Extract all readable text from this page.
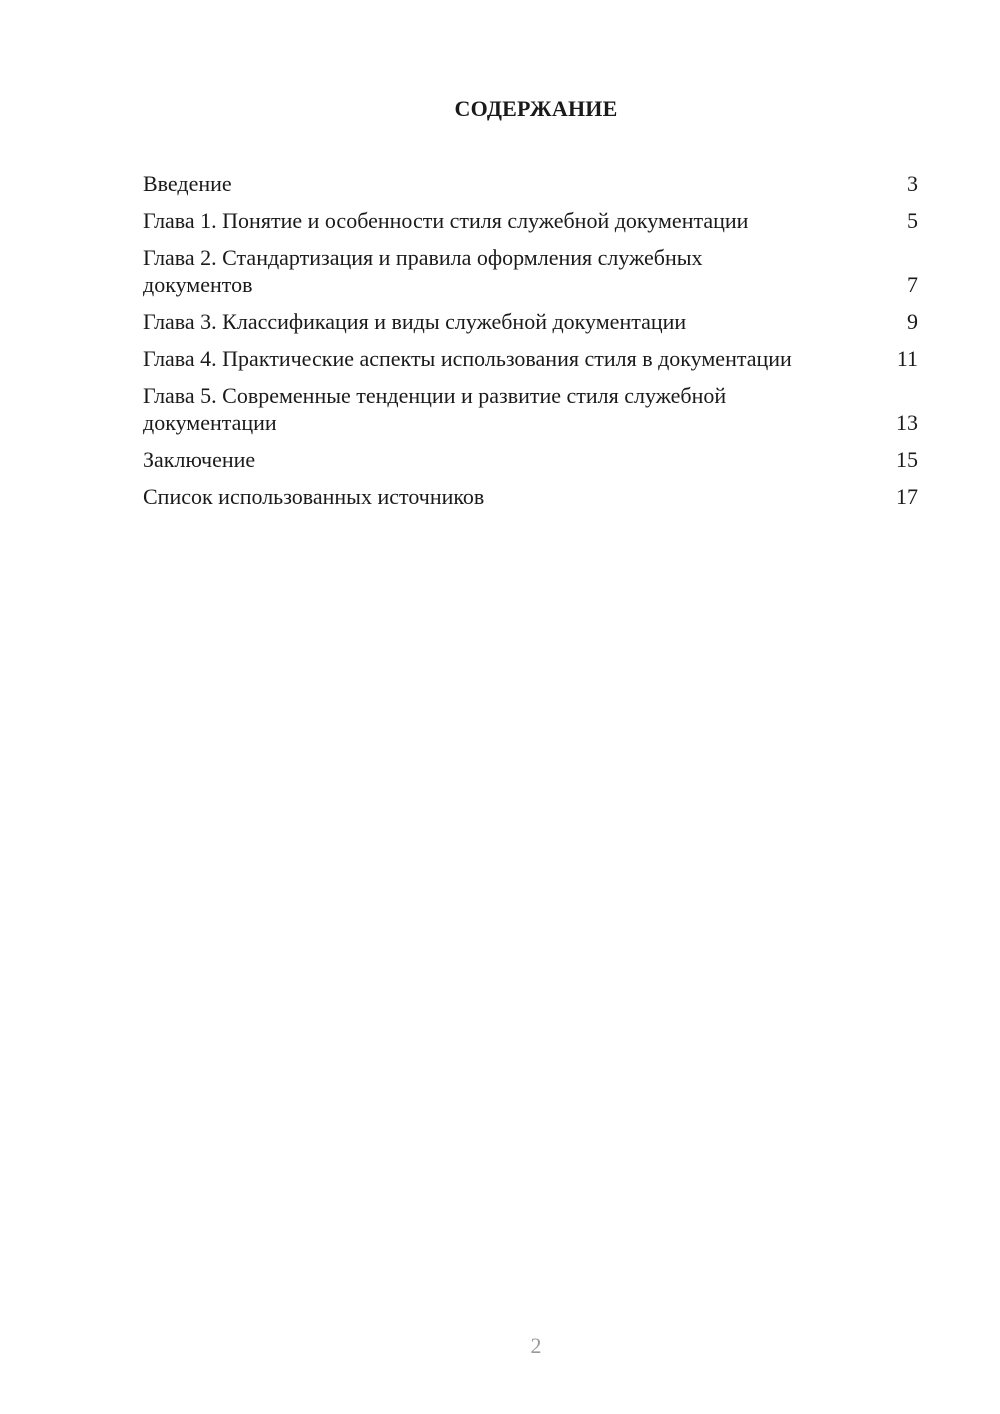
СОДЕРЖАНИЕ
Введение	3
Глава 1. Понятие и особенности стиля служебной документации	5
Глава 2. Стандартизация и правила оформления служебных документов	7
Глава 3. Классификация и виды служебной документации	9
Глава 4. Практические аспекты использования стиля в документации	11
Глава 5. Современные тенденции и развитие стиля служебной документации	13
Заключение	15
Список использованных источников	17
2
